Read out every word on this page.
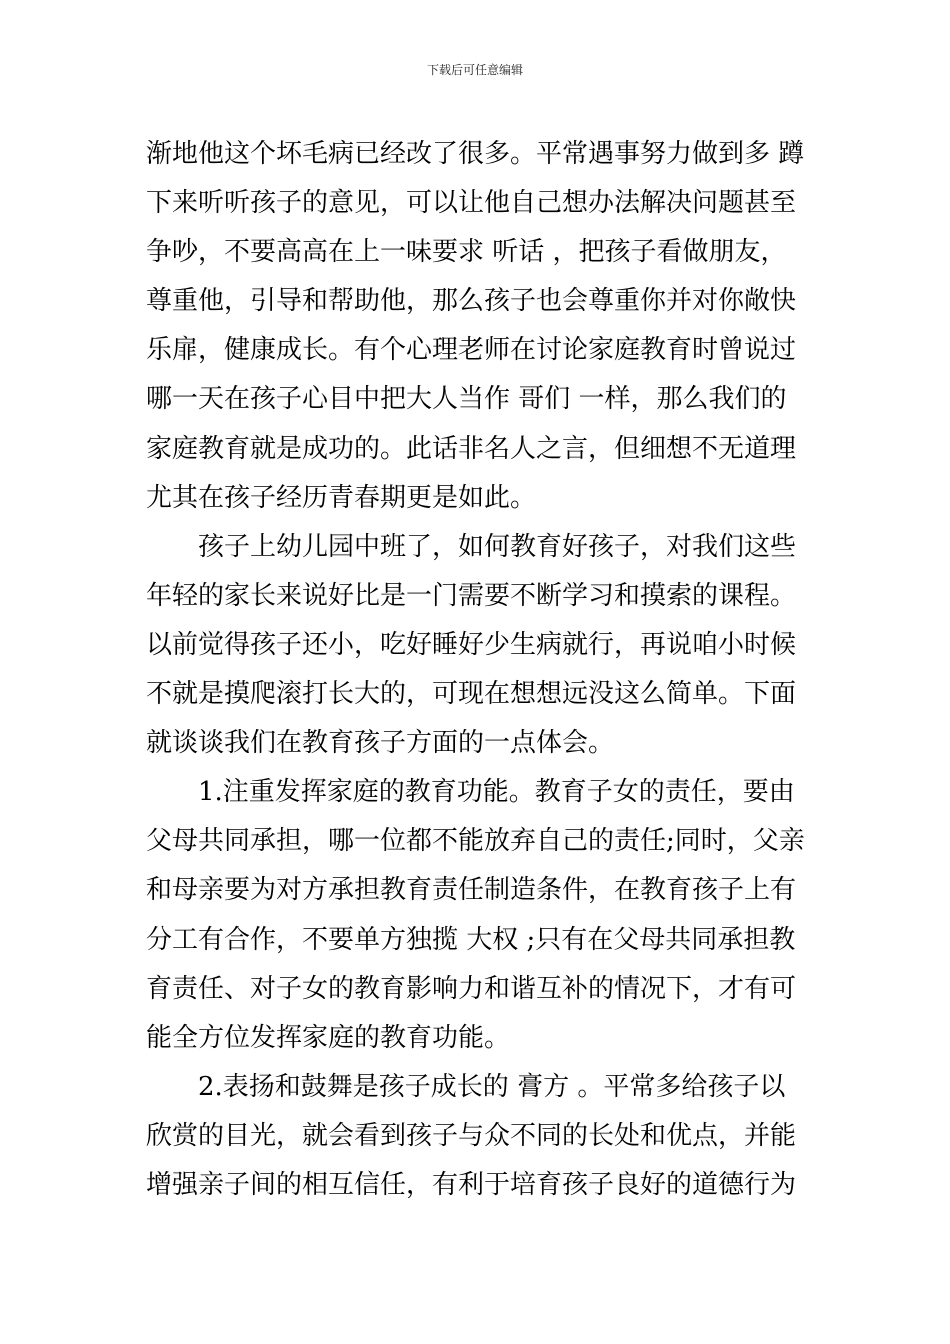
下载后可任意编辑
渐地他这个坏毛病已经改了很多。平常遇事努力做到多 蹲
下来听听孩子的意见，可以让他自己想办法解决问题甚至
争吵，不要高高在上一味要求 听话 ，把孩子看做朋友，
尊重他，引导和帮助他，那么孩子也会尊重你并对你敞快
乐扉，健康成长。有个心理老师在讨论家庭教育时曾说过
哪一天在孩子心目中把大人当作 哥们 一样，那么我们的
家庭教育就是成功的。此话非名人之言，但细想不无道理
尤其在孩子经历青春期更是如此。
孩子上幼儿园中班了，如何教育好孩子，对我们这些
年轻的家长来说好比是一门需要不断学习和摸索的课程。
以前觉得孩子还小，吃好睡好少生病就行，再说咱小时候
不就是摸爬滚打长大的，可现在想想远没这么简单。下面
就谈谈我们在教育孩子方面的一点体会。
1.注重发挥家庭的教育功能。教育子女的责任，要由
父母共同承担，哪一位都不能放弃自己的责任;同时，父亲
和母亲要为对方承担教育责任制造条件，在教育孩子上有
分工有合作，不要单方独揽 大权 ;只有在父母共同承担教
育责任、对子女的教育影响力和谐互补的情况下，才有可
能全方位发挥家庭的教育功能。
2.表扬和鼓舞是孩子成长的 膏方 。平常多给孩子以
欣赏的目光，就会看到孩子与众不同的长处和优点，并能
增强亲子间的相互信任，有利于培育孩子良好的道德行为
